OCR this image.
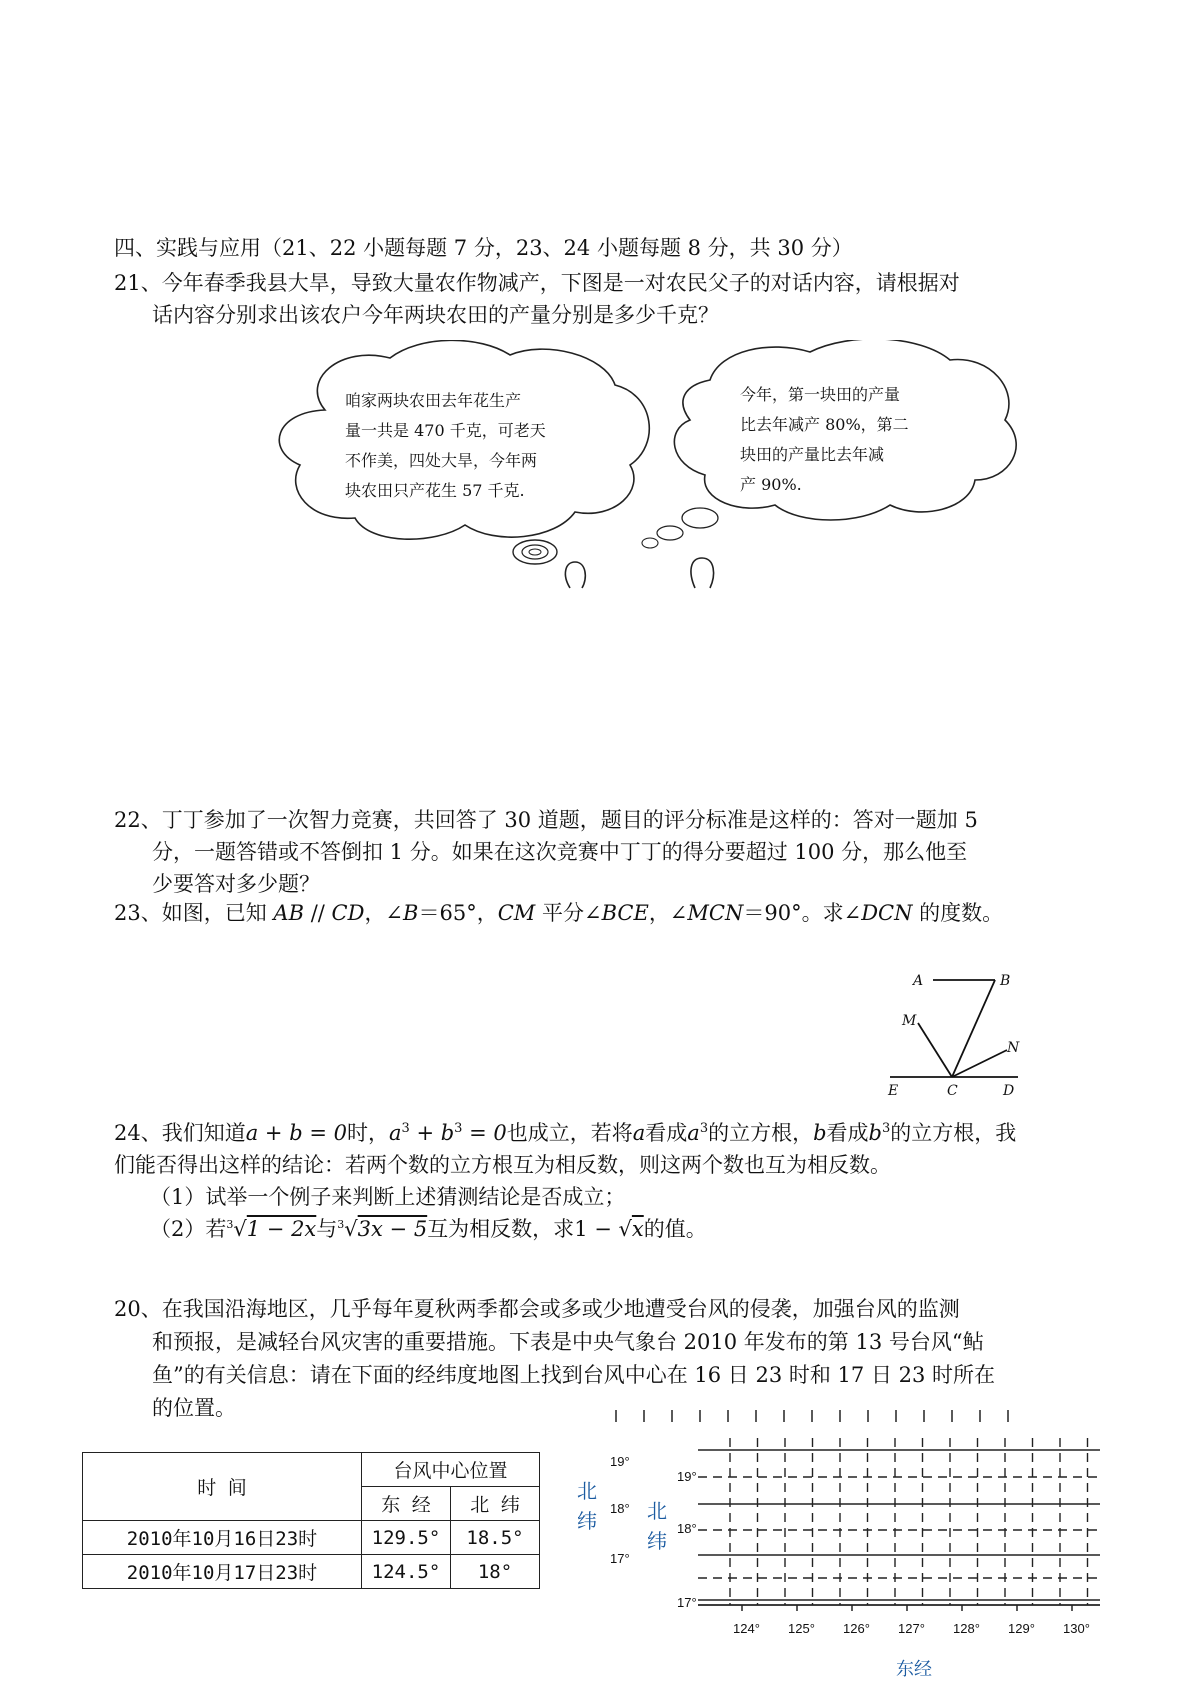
四、实践与应用（21、22 小题每题 7 分，23、24 小题每题 8 分，共 30 分）
21、今年春季我县大旱，导致大量农作物减产，下图是一对农民父子的对话内容，请根据对
话内容分别求出该农户今年两块农田的产量分别是多少千克？
咱家两块农田去年花生产
量一共是 470 千克，可老天
不作美，四处大旱，今年两
块农田只产花生 57 千克.
今年，第一块田的产量
比去年减产 80%，第二
块田的产量比去年减
产 90%.
22、丁丁参加了一次智力竞赛，共回答了 30 道题，题目的评分标准是这样的：答对一题加 5
分，一题答错或不答倒扣 1 分。如果在这次竞赛中丁丁的得分要超过 100 分，那么他至
少要答对多少题？
23、如图，已知 AB // CD，∠B＝65°，CM 平分∠BCE，∠MCN＝90°。求∠DCN 的度数。
A	B
M
N
E	C	D
24、我们知道a + b = 0时，$a^3 + b^3 = 0$也成立，若将a看成$a^3$的立方根，b看成$b^3$的立方根，我
们能否得出这样的结论：若两个数的立方根互为相反数，则这两个数也互为相反数。
（1）试举一个例子来判断上述猜测结论是否成立；
（2）若$^3$√1 − 2x与$^3$√3x − 5互为相反数，求1 − √x的值。
20、在我国沿海地区，几乎每年夏秋两季都会或多或少地遭受台风的侵袭，加强台风的监测
和预报，是减轻台风灾害的重要措施。下表是中央气象台 2010 年发布的第 13 号台风“鲇
鱼”的有关信息：请在下面的经纬度地图上找到台风中心在 16 日 23 时和 17 日 23 时所在
的位置。
时 间	台风中心位置	
	东 经	北 纬
2010年10月16日23时	129.5°	18.5°
2010年10月17日23时	124.5°	18°
北
纬	北
纬
东经
19°
18°
17°
19°
18°
17°
124° 125° 126° 127° 128° 129° 130°
